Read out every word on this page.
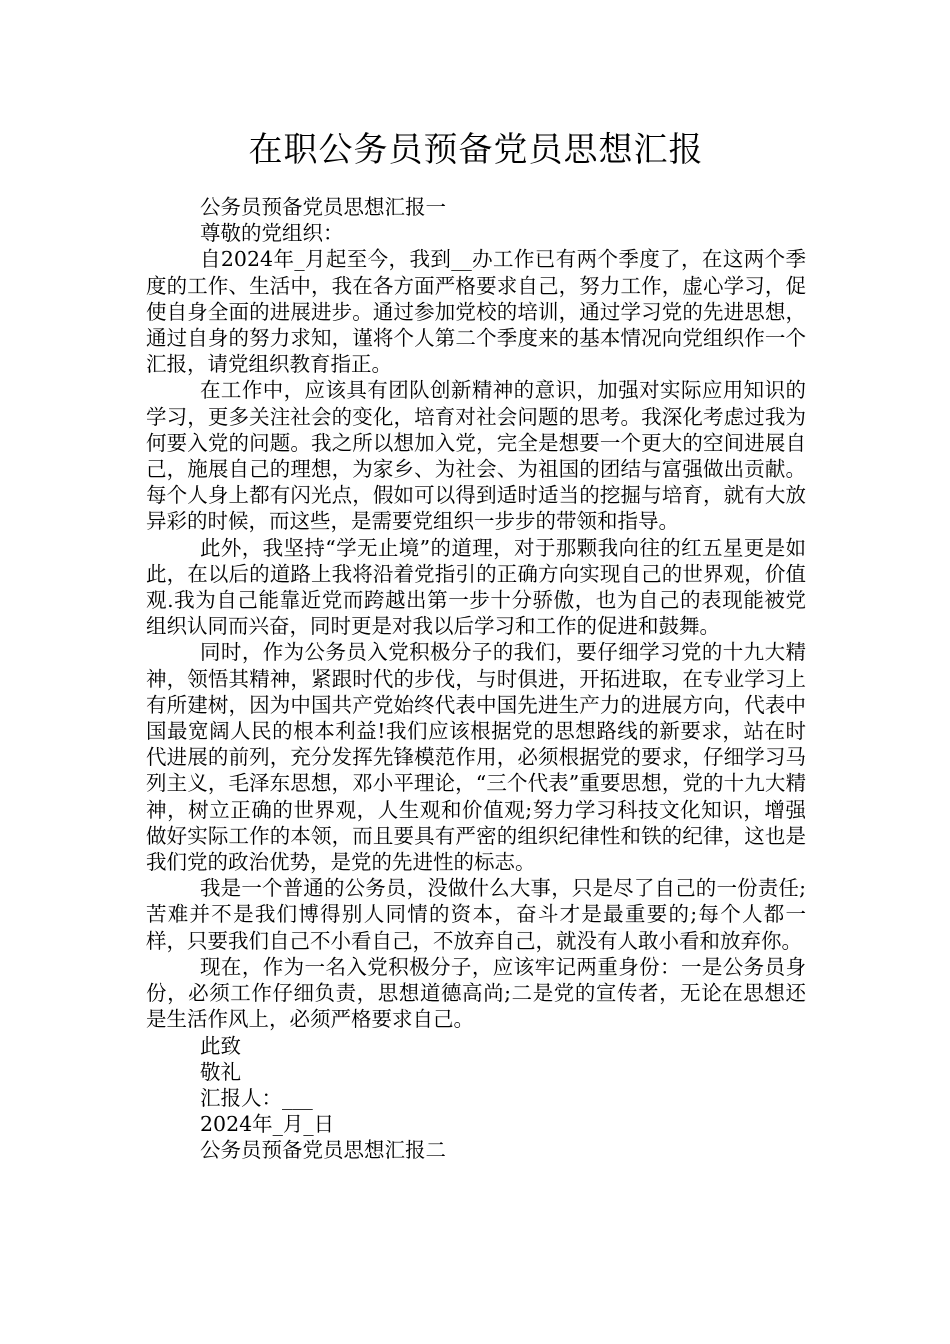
在职公务员预备党员思想汇报

公务员预备党员思想汇报一

尊敬的党组织：

自2024年_月起至今，我到__办工作已有两个季度了，在这两个季度的工作、生活中，我在各方面严格要求自己，努力工作，虚心学习，促使自身全面的进展进步。通过参加党校的培训，通过学习党的先进思想，通过自身的努力求知，谨将个人第二个季度来的基本情况向党组织作一个汇报，请党组织教育指正。

在工作中，应该具有团队创新精神的意识，加强对实际应用知识的学习，更多关注社会的变化，培育对社会问题的思考。我深化考虑过我为何要入党的问题。我之所以想加入党，完全是想要一个更大的空间进展自己，施展自己的理想，为家乡、为社会、为祖国的团结与富强做出贡献。每个人身上都有闪光点，假如可以得到适时适当的挖掘与培育，就有大放异彩的时候，而这些，是需要党组织一步步的带领和指导。

此外，我坚持“学无止境”的道理，对于那颗我向往的红五星更是如此，在以后的道路上我将沿着党指引的正确方向实现自己的世界观，价值观.我为自己能靠近党而跨越出第一步十分骄傲，也为自己的表现能被党组织认同而兴奋，同时更是对我以后学习和工作的促进和鼓舞。

同时，作为公务员入党积极分子的我们，要仔细学习党的十九大精神，领悟其精神，紧跟时代的步伐，与时俱进，开拓进取，在专业学习上有所建树，因为中国共产党始终代表中国先进生产力的进展方向，代表中国最宽阔人民的根本利益!我们应该根据党的思想路线的新要求，站在时代进展的前列，充分发挥先锋模范作用，必须根据党的要求，仔细学习马列主义，毛泽东思想，邓小平理论，“三个代表”重要思想，党的十九大精神，树立正确的世界观，人生观和价值观;努力学习科技文化知识，增强做好实际工作的本领，而且要具有严密的组织纪律性和铁的纪律，这也是我们党的政治优势，是党的先进性的标志。

我是一个普通的公务员，没做什么大事，只是尽了自己的一份责任;苦难并不是我们博得别人同情的资本，奋斗才是最重要的;每个人都一样，只要我们自己不小看自己，不放弃自己，就没有人敢小看和放弃你。

现在，作为一名入党积极分子，应该牢记两重身份：一是公务员身份，必须工作仔细负责，思想道德高尚;二是党的宣传者，无论在思想还是生活作风上，必须严格要求自己。

此致

敬礼

汇报人：___

2024年_月_日

公务员预备党员思想汇报二
